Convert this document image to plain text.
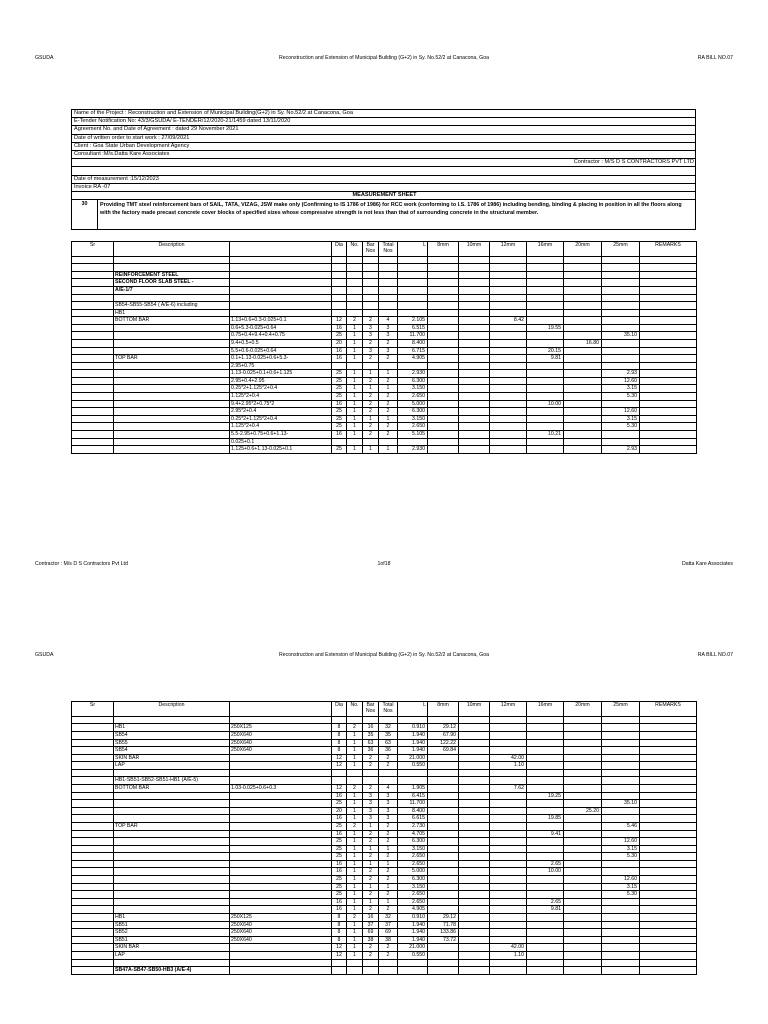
GSUDA	Reconstruction and Extension of Municipal Building (G+2) in Sy. No.52/2 at Canacona, Goa	RA BILL NO.07
Name of the Project : Reconstruction and Extension of Municipal Building(G+2) in Sy. No.52/2 at Canacona, Goa
E-Tender Notification No: 43/3/GSUDA/ E-TENDER/12/2020-21/1459 dated 13/11/2020
Agreement No. and Date of Agreement : dated 29 November 2021
Date of written order to start work : 27/09/2021
Client : Goa State Urban Development Agency
Consultant :M/s.Datta Kare Associates
Contractor : M/S D S CONTRACTORS PVT LTD
Date of measurement :15/12/2023
Invoice RA -07
MEASUREMENT SHEET
30	Providing TMT steel reinforcement bars of SAIL, TATA, VIZAG, JSW make only (Confirming to IS 1786 of 1986) for RCC work (conforming to I.S. 1786 of 1986) including bending, binding & placing in position in all the floors along with the factory made precast concrete cover blocks of specified sizes whose compressive strength is not less than that of surrounding concrete in the structural member.
Sr	Description		Dia	No.	Bar Nos	Total Nos	L	8mm	10mm	12mm	16mm	20mm	25mm	REMARKS

	REINFORCEMENT STEEL													
	SECOND FLOOR SLAB STEEL -													
	A/E-1/7													

	SB54-SB55-SB54 ( A/E-6) including													
	HB1													
	BOTTOM BAR	1.13+0.6+0.3-0.025+0.1	12	2	2	4	2.105			8.42				
		0.6+5.3-0.025+0.64	16	1	3	3	6.515				19.55			
		0.75+0.4+9.4+0.4+0.75	25	1	3	3	11.700						35.10	
		9.4+0.5+0.5	20	1	2	2	8.400					16.80		
		5.5+0.6-0.025+0.64	16	1	3	3	6.715				20.15			
	TOP BAR	0.1+1.13-0.025+0.6+5.3-	16	1	2	2	4.905				9.81			
		2.95+0.75												
		1.13-0.025+0.1+0.6+1.125	25	1	1	1	2.930						2.93	
		2.95+0.4+2.95	25	1	2	2	6.300						12.60	
		0.25*2+1.125*2+0.4	25	1	1	1	3.150						3.15	
		1.125*2+0.4	25	1	2	2	2.650						5.30	
		9.4+2.95*2+0.75*2	16	1	2	2	5.000				10.00			
		2.95*2+0.4	25	1	2	2	6.300						12.60	
		0.25*2+1.125*2+0.4	25	1	1	1	3.150						3.15	
		1.125*2+0.4	25	1	2	2	2.650						5.30	
		5.5-2.95+0.75+0.6+1.13-	16	1	2	2	5.105				10.21			
		0.025+0.1												
		1.125+0.6+1.13-0.025+0.1	25	1	1	1	2.930						2.93	
Contractor : M/s D S Contractors Pvt Ltd	1of18	Datta Kare Associates
GSUDA	Reconstruction and Extension of Municipal Building (G+2) in Sy. No.52/2 at Canacona, Goa	RA BILL NO.07
Sr	Description		Dia	No.	Bar Nos	Total Nos	L	8mm	10mm	12mm	16mm	20mm	25mm	REMARKS

	HB1	250X125	8	2	16	32	0.910	29.12						
	SB54	250X640	8	1	35	35	1.940	67.90						
	SB55	250X640	8	1	63	63	1.940	122.22						
	SB54	250X640	8	1	36	36	1.940	69.84						
	SKIN BAR		12	1	2	2	21.000			42.00				
	LAP		12	1	2	2	0.550			1.10				

	HB1-SB51-SB52-SB51-HB1 (A/E-5)													
	BOTTOM BAR	1.03-0.025+0.6+0.3	12	2	2	4	1.905			7.62				
			16	1	3	3	6.415				19.25			
			25	1	3	3	11.700						35.10	
			20	1	3	3	8.400					25.20		
			16	1	3	3	6.615				19.85			
	TOP BAR		25	2	1	2	2.730						5.46	
			16	1	2	2	4.705				9.41			
			25	1	2	2	6.300						12.60	
			25	1	1	1	3.150						3.15	
			25	1	2	2	2.650						5.30	
			16	1	1	1	2.650				2.65			
			16	1	2	2	5.000				10.00			
			25	1	2	2	6.300						12.60	
			25	1	1	1	3.150						3.15	
			25	1	2	2	2.650						5.30	
			16	1	1	1	2.650				2.65			
			16	1	2	2	4.905				9.81			
	HB1	250X125	8	2	16	32	0.910	29.12						
	SB51	250X640	8	1	37	37	1.940	71.78						
	SB52	250X640	8	1	69	69	1.940	133.86						
	SB51	250X640	8	1	38	38	1.940	73.72						
	SKIN BAR		12	1	2	2	21.000			42.00				
	LAP		12	1	2	2	0.550			1.10				

	SB47A-SB47-SB50-HB3 (A/E-4)													
